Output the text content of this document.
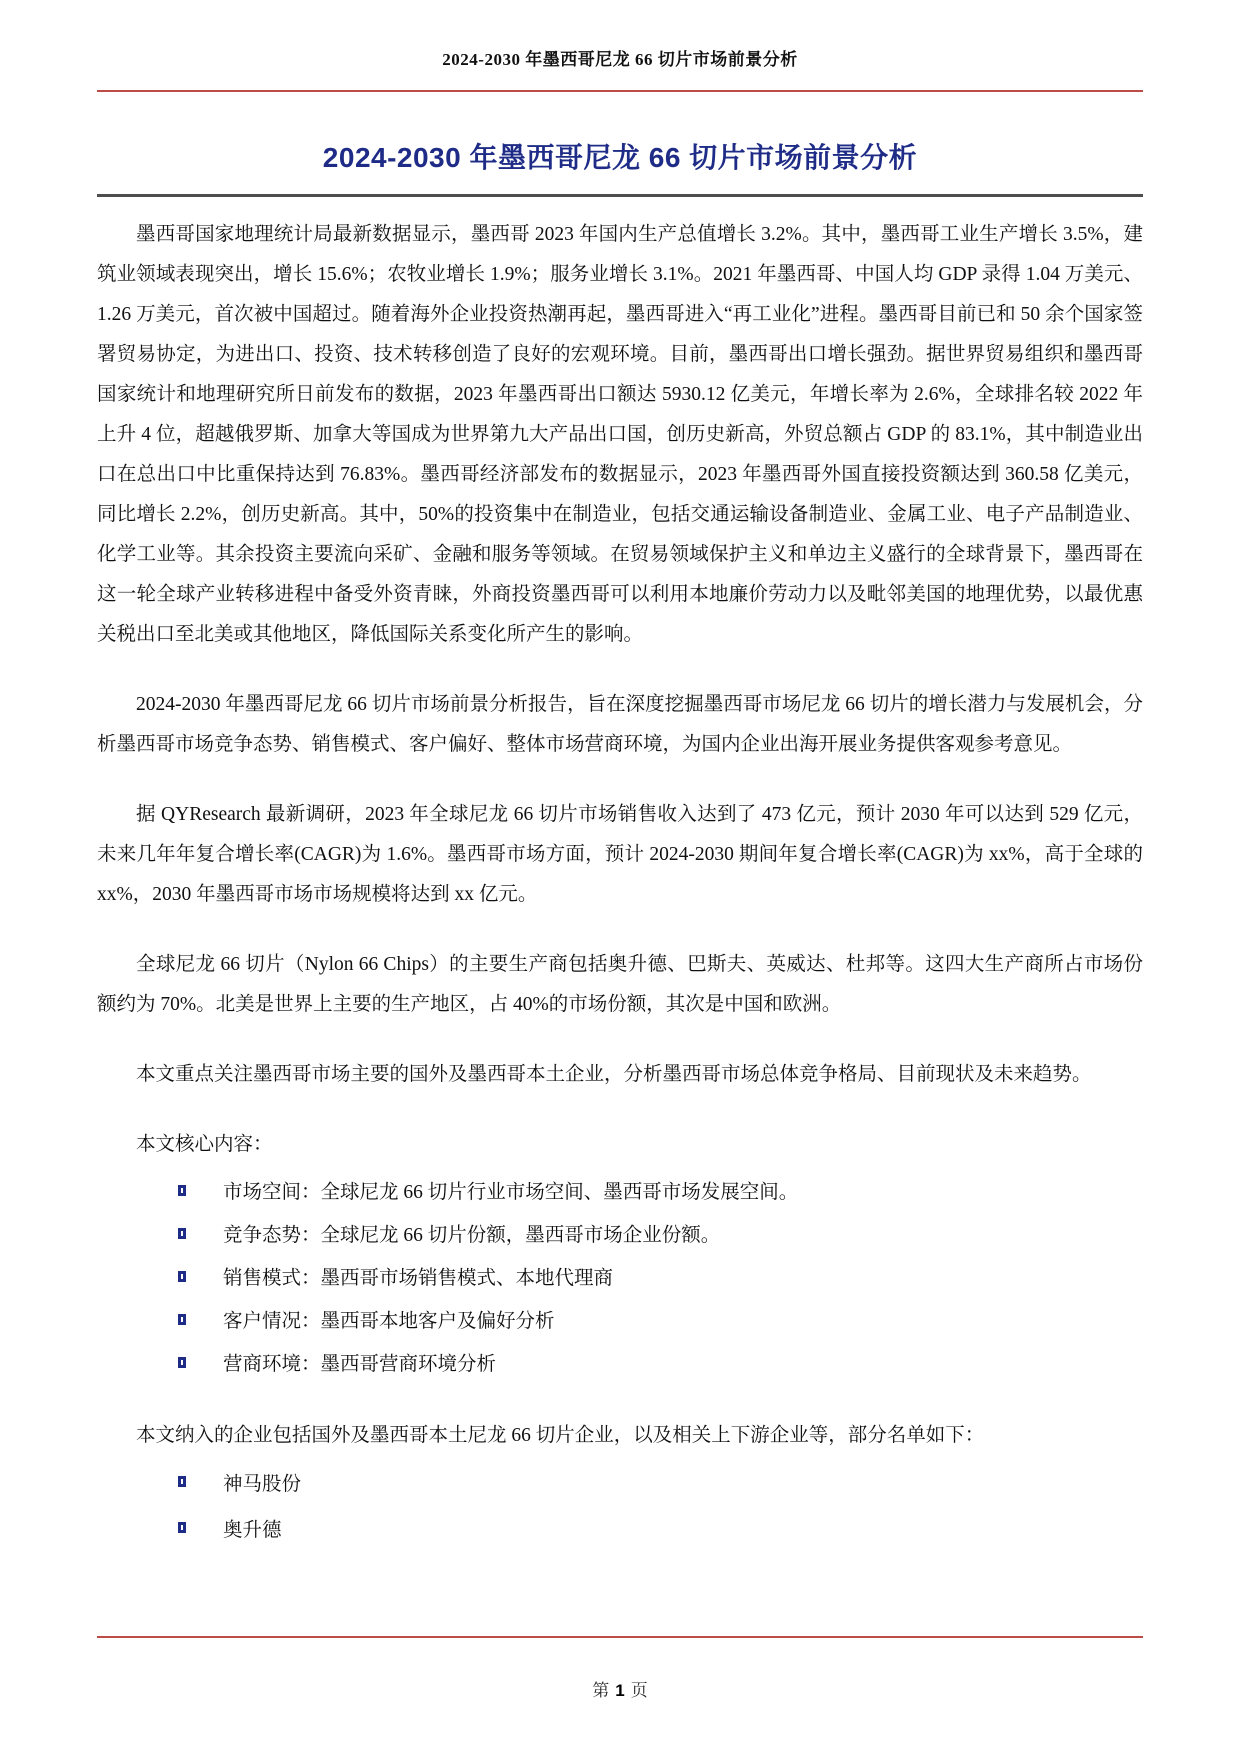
2024-2030 年墨西哥尼龙 66 切片市场前景分析
2024-2030 年墨西哥尼龙 66 切片市场前景分析

墨西哥国家地理统计局最新数据显示，墨西哥 2023 年国内生产总值增长 3.2%。其中，墨西哥工业生产增长 3.5%，建筑业领域表现突出，增长 15.6%；农牧业增长 1.9%；服务业增长 3.1%。2021 年墨西哥、中国人均 GDP 录得 1.04 万美元、1.26 万美元，首次被中国超过。随着海外企业投资热潮再起，墨西哥进入“再工业化”进程。墨西哥目前已和 50 余个国家签署贸易协定，为进出口、投资、技术转移创造了良好的宏观环境。目前，墨西哥出口增长强劲。据世界贸易组织和墨西哥国家统计和地理研究所日前发布的数据，2023 年墨西哥出口额达 5930.12 亿美元，年增长率为 2.6%，全球排名较 2022 年上升 4 位，超越俄罗斯、加拿大等国成为世界第九大产品出口国，创历史新高，外贸总额占 GDP 的 83.1%，其中制造业出口在总出口中比重保持达到 76.83%。墨西哥经济部发布的数据显示，2023 年墨西哥外国直接投资额达到 360.58 亿美元，同比增长 2.2%，创历史新高。其中，50%的投资集中在制造业，包括交通运输设备制造业、金属工业、电子产品制造业、化学工业等。其余投资主要流向采矿、金融和服务等领域。在贸易领域保护主义和单边主义盛行的全球背景下，墨西哥在这一轮全球产业转移进程中备受外资青睐，外商投资墨西哥可以利用本地廉价劳动力以及毗邻美国的地理优势，以最优惠关税出口至北美或其他地区，降低国际关系变化所产生的影响。

2024-2030 年墨西哥尼龙 66 切片市场前景分析报告，旨在深度挖掘墨西哥市场尼龙 66 切片的增长潜力与发展机会，分析墨西哥市场竞争态势、销售模式、客户偏好、整体市场营商环境，为国内企业出海开展业务提供客观参考意见。

据 QYResearch 最新调研，2023 年全球尼龙 66 切片市场销售收入达到了 473 亿元，预计 2030 年可以达到 529 亿元，未来几年年复合增长率(CAGR)为 1.6%。墨西哥市场方面，预计 2024-2030 期间年复合增长率(CAGR)为 xx%，高于全球的 xx%，2030 年墨西哥市场市场规模将达到 xx 亿元。

全球尼龙 66 切片（Nylon 66 Chips）的主要生产商包括奥升德、巴斯夫、英威达、杜邦等。这四大生产商所占市场份额约为 70%。北美是世界上主要的生产地区，占 40%的市场份额，其次是中国和欧洲。

本文重点关注墨西哥市场主要的国外及墨西哥本土企业，分析墨西哥市场总体竞争格局、目前现状及未来趋势。

本文核心内容：

市场空间：全球尼龙 66 切片行业市场空间、墨西哥市场发展空间。
竞争态势：全球尼龙 66 切片份额，墨西哥市场企业份额。
销售模式：墨西哥市场销售模式、本地代理商
客户情况：墨西哥本地客户及偏好分析
营商环境：墨西哥营商环境分析

本文纳入的企业包括国外及墨西哥本土尼龙 66 切片企业，以及相关上下游企业等，部分名单如下：

神马股份
奥升德
第 1 页
